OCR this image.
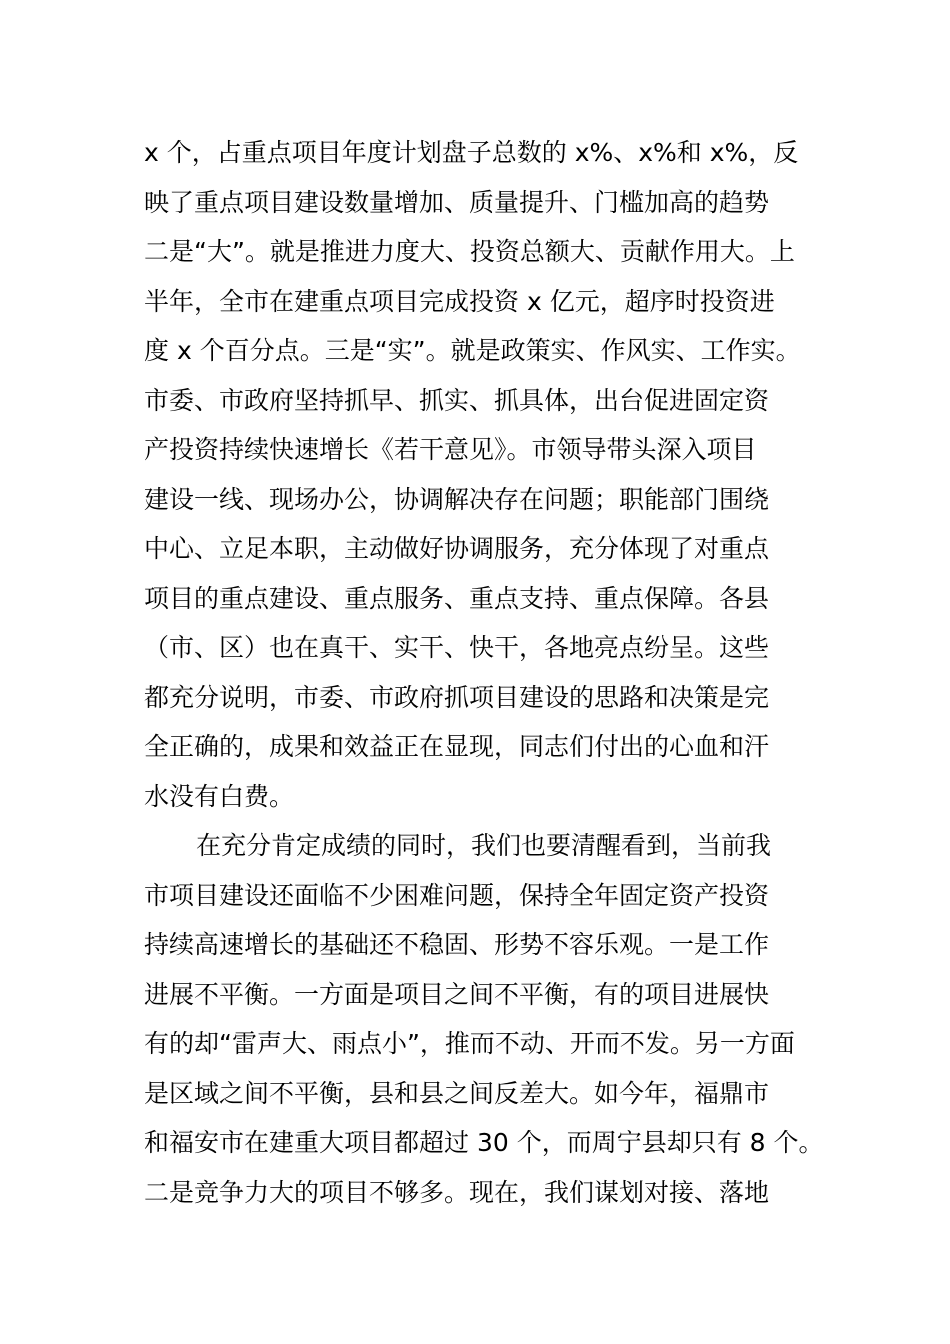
x 个，占重点项目年度计划盘子总数的 x%、x%和 x%，反
映了重点项目建设数量增加、质量提升、门槛加高的趋势
二是“大”。就是推进力度大、投资总额大、贡献作用大。上
半年，全市在建重点项目完成投资 x 亿元，超序时投资进
度 x 个百分点。三是“实”。就是政策实、作风实、工作实。
市委、市政府坚持抓早、抓实、抓具体，出台促进固定资
产投资持续快速增长《若干意见》。市领导带头深入项目
建设一线、现场办公，协调解决存在问题；职能部门围绕
中心、立足本职，主动做好协调服务，充分体现了对重点
项目的重点建设、重点服务、重点支持、重点保障。各县
（市、区）也在真干、实干、快干，各地亮点纷呈。这些
都充分说明，市委、市政府抓项目建设的思路和决策是完
全正确的，成果和效益正在显现，同志们付出的心血和汗
水没有白费。
在充分肯定成绩的同时，我们也要清醒看到，当前我
市项目建设还面临不少困难问题，保持全年固定资产投资
持续高速增长的基础还不稳固、形势不容乐观。一是工作
进展不平衡。一方面是项目之间不平衡，有的项目进展快
有的却“雷声大、雨点小”，推而不动、开而不发。另一方面
是区域之间不平衡，县和县之间反差大。如今年，福鼎市
和福安市在建重大项目都超过 30 个，而周宁县却只有 8 个。
二是竞争力大的项目不够多。现在，我们谋划对接、落地
